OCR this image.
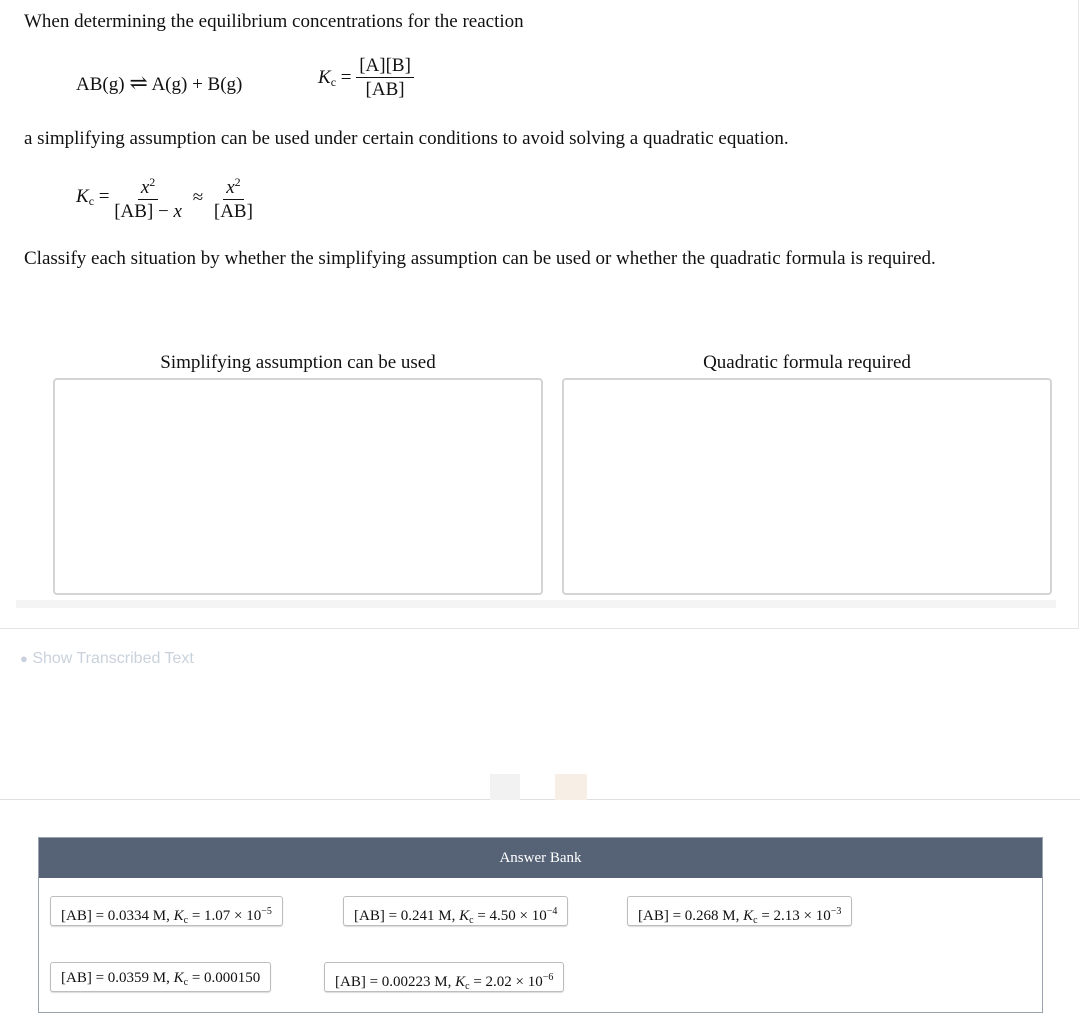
When determining the equilibrium concentrations for the reaction
AB(g) ⇌ A(g) + B(g)	$K_c = \frac{[A][B]}{[AB]}$
a simplifying assumption can be used under certain conditions to avoid solving a quadratic equation.
$K_c = \frac{x^2}{[AB] - x} \approx \frac{x^2}{[AB]}$
Classify each situation by whether the simplifying assumption can be used or whether the quadratic formula is required.
Simplifying assumption can be used	Quadratic formula required
●︎ Show Transcribed Text
Answer Bank
[AB] = 0.0334 M, $K_c = 1.07 \times 10^{-5}$	[AB] = 0.241 M, $K_c = 4.50 \times 10^{-4}$	[AB] = 0.268 M, $K_c = 2.13 \times 10^{-3}$
[AB] = 0.0359 M, $K_c = 0.000150$	[AB] = 0.00223 M, $K_c = 2.02 \times 10^{-6}$
